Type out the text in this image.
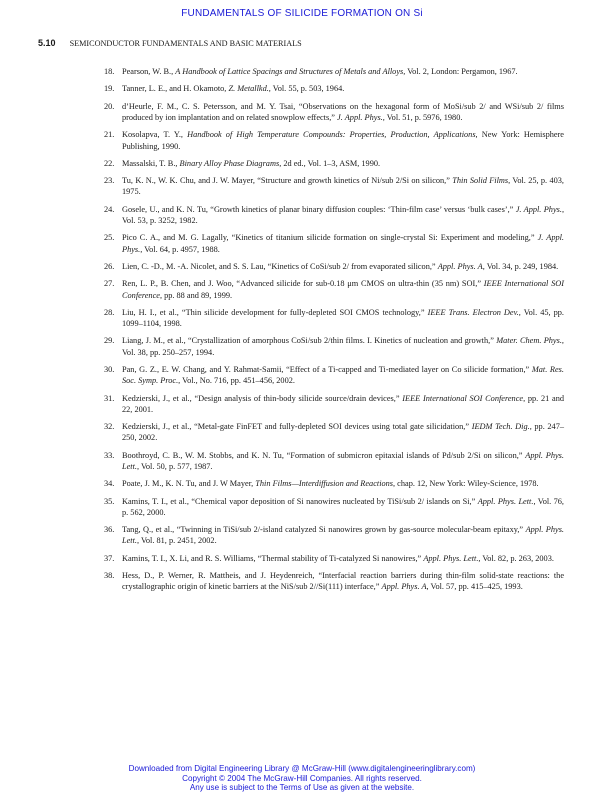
FUNDAMENTALS OF SILICIDE FORMATION ON Si
5.10 SEMICONDUCTOR FUNDAMENTALS AND BASIC MATERIALS
18. Pearson, W. B., A Handbook of Lattice Spacings and Structures of Metals and Alloys, Vol. 2, London: Pergamon, 1967.
19. Tanner, L. E., and H. Okamoto, Z. Metallkd., Vol. 55, p. 503, 1964.
20. d’Heurle, F. M., C. S. Petersson, and M. Y. Tsai, “Observations on the hexagonal form of MoSi/sub 2/ and WSi/sub 2/ films produced by ion implantation and on related snowplow effects,” J. Appl. Phys., Vol. 51, p. 5976, 1980.
21. Kosolapva, T. Y., Handbook of High Temperature Compounds: Properties, Production, Applications, New York: Hemisphere Publishing, 1990.
22. Massalski, T. B., Binary Alloy Phase Diagrams, 2d ed., Vol. 1–3, ASM, 1990.
23. Tu, K. N., W. K. Chu, and J. W. Mayer, “Structure and growth kinetics of Ni/sub 2/Si on silicon,” Thin Solid Films, Vol. 25, p. 403, 1975.
24. Gosele, U., and K. N. Tu, “Growth kinetics of planar binary diffusion couples: ‘Thin-film case’ versus ‘bulk cases’,” J. Appl. Phys., Vol. 53, p. 3252, 1982.
25. Pico C. A., and M. G. Lagally, “Kinetics of titanium silicide formation on single-crystal Si: Experiment and modeling,” J. Appl. Phys., Vol. 64, p. 4957, 1988.
26. Lien, C. -D., M. -A. Nicolet, and S. S. Lau, “Kinetics of CoSi/sub 2/ from evaporated silicon,” Appl. Phys. A, Vol. 34, p. 249, 1984.
27. Ren, L. P., B. Chen, and J. Woo, “Advanced silicide for sub-0.18 μm CMOS on ultra-thin (35 nm) SOI,” IEEE International SOI Conference, pp. 88 and 89, 1999.
28. Liu, H. I., et al., “Thin silicide development for fully-depleted SOI CMOS technology,” IEEE Trans. Electron Dev., Vol. 45, pp. 1099–1104, 1998.
29. Liang, J. M., et al., “Crystallization of amorphous CoSi/sub 2/thin films. I. Kinetics of nucleation and growth,” Mater. Chem. Phys., Vol. 38, pp. 250–257, 1994.
30. Pan, G. Z., E. W. Chang, and Y. Rahmat-Samii, “Effect of a Ti-capped and Ti-mediated layer on Co silicide formation,” Mat. Res. Soc. Symp. Proc., Vol., No. 716, pp. 451–456, 2002.
31. Kedzierski, J., et al., “Design analysis of thin-body silicide source/drain devices,” IEEE International SOI Conference, pp. 21 and 22, 2001.
32. Kedzierski, J., et al., “Metal-gate FinFET and fully-depleted SOI devices using total gate silicidation,” IEDM Tech. Dig., pp. 247–250, 2002.
33. Boothroyd, C. B., W. M. Stobbs, and K. N. Tu, “Formation of submicron epitaxial islands of Pd/sub 2/Si on silicon,” Appl. Phys. Lett., Vol. 50, p. 577, 1987.
34. Poate, J. M., K. N. Tu, and J. W Mayer, Thin Films—Interdiffusion and Reactions, chap. 12, New York: Wiley-Science, 1978.
35. Kamins, T. I., et al., “Chemical vapor deposition of Si nanowires nucleated by TiSi/sub 2/ islands on Si,” Appl. Phys. Lett., Vol. 76, p. 562, 2000.
36. Tang, Q., et al., “Twinning in TiSi/sub 2/-island catalyzed Si nanowires grown by gas-source molecular-beam epitaxy,” Appl. Phys. Lett., Vol. 81, p. 2451, 2002.
37. Kamins, T. I., X. Li, and R. S. Williams, “Thermal stability of Ti-catalyzed Si nanowires,” Appl. Phys. Lett., Vol. 82, p. 263, 2003.
38. Hess, D., P. Werner, R. Mattheis, and J. Heydenreich, “Interfacial reaction barriers during thin-film solid-state reactions: the crystallographic origin of kinetic barriers at the NiS/sub 2//Si(111) interface,” Appl. Phys. A, Vol. 57, pp. 415–425, 1993.
Downloaded from Digital Engineering Library @ McGraw-Hill (www.digitalengineeringlibrary.com)
Copyright © 2004 The McGraw-Hill Companies. All rights reserved.
Any use is subject to the Terms of Use as given at the website.
